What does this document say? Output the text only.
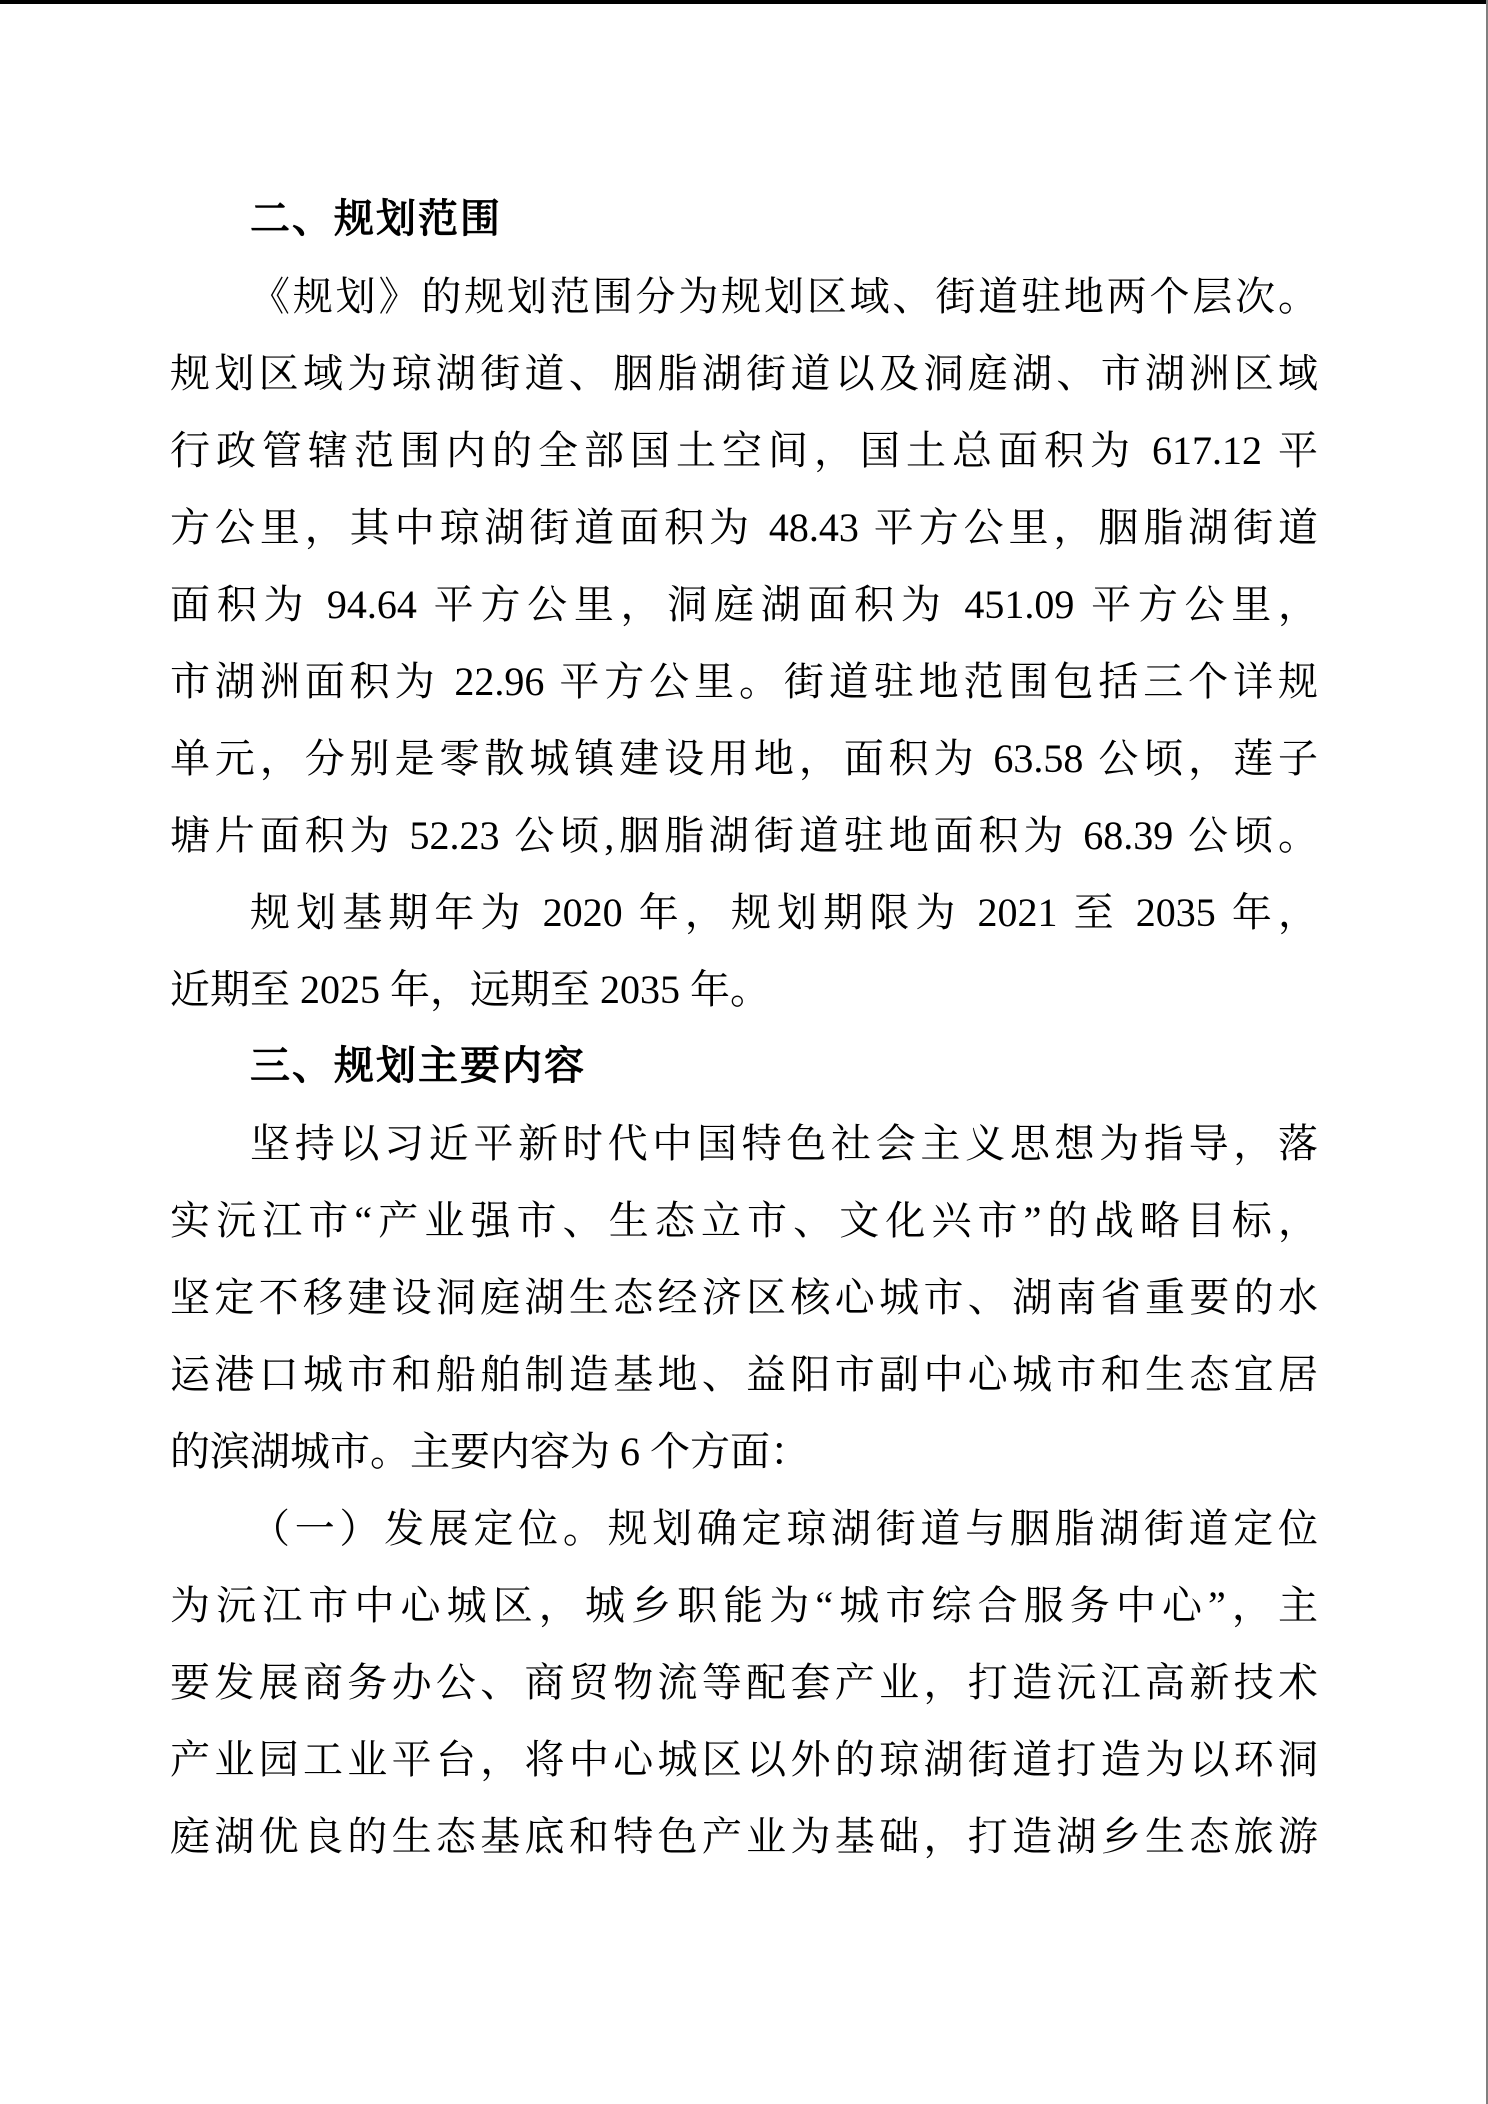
二、规划范围
《规划》的规划范围分为规划区域、街道驻地两个层次。
规划区域为琼湖街道、胭脂湖街道以及洞庭湖、市湖洲区域
行政管辖范围内的全部国土空间，国土总面积为 617.12 平
方公里，其中琼湖街道面积为 48.43 平方公里，胭脂湖街道
面积为 94.64 平方公里，洞庭湖面积为 451.09 平方公里，
市湖洲面积为 22.96 平方公里。街道驻地范围包括三个详规
单元，分别是零散城镇建设用地，面积为 63.58 公顷，莲子
塘片面积为 52.23 公顷,胭脂湖街道驻地面积为 68.39 公顷。
规划基期年为 2020 年，规划期限为 2021 至 2035 年，
近期至 2025 年，远期至 2035 年。
三、规划主要内容
坚持以习近平新时代中国特色社会主义思想为指导，落
实沅江市“产业强市、生态立市、文化兴市”的战略目标，
坚定不移建设洞庭湖生态经济区核心城市、湖南省重要的水
运港口城市和船舶制造基地、益阳市副中心城市和生态宜居
的滨湖城市。主要内容为 6 个方面：
（一）发展定位。规划确定琼湖街道与胭脂湖街道定位
为沅江市中心城区，城乡职能为“城市综合服务中心”，主
要发展商务办公、商贸物流等配套产业，打造沅江高新技术
产业园工业平台，将中心城区以外的琼湖街道打造为以环洞
庭湖优良的生态基底和特色产业为基础，打造湖乡生态旅游
